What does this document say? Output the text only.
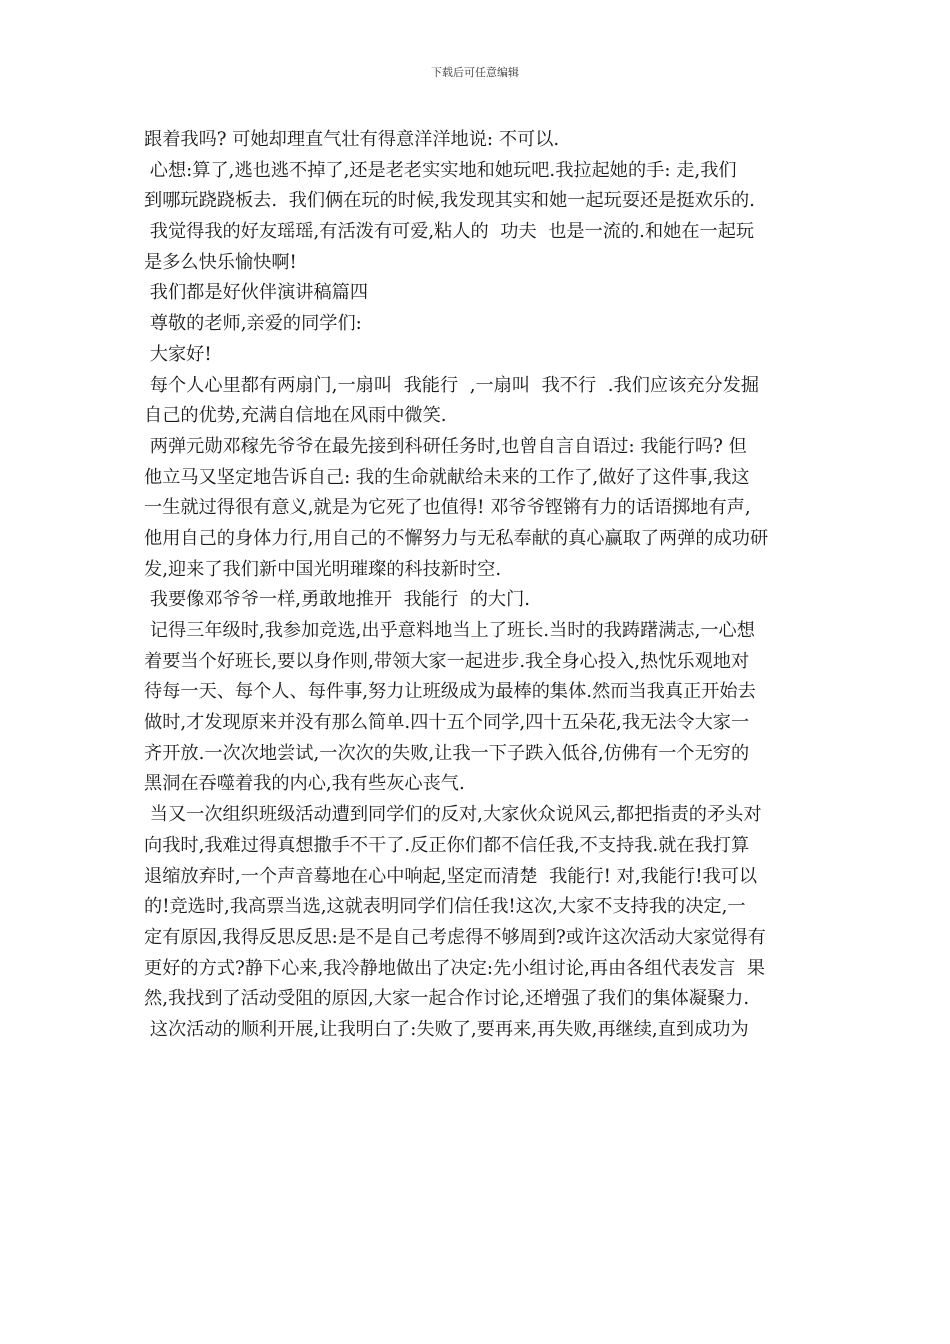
下载后可任意编辑
跟着我吗? 可她却理直气壮有得意洋洋地说: 不可以.
心想:算了,逃也逃不掉了,还是老老实实地和她玩吧.我拉起她的手: 走,我们
到哪玩跷跷板去.  我们俩在玩的时候,我发现其实和她一起玩耍还是挺欢乐的.
我觉得我的好友瑶瑶,有活泼有可爱,粘人的  功夫  也是一流的.和她在一起玩
是多么快乐愉快啊!
我们都是好伙伴演讲稿篇四
尊敬的老师,亲爱的同学们:
大家好!
每个人心里都有两扇门,一扇叫  我能行  ,一扇叫  我不行  .我们应该充分发掘
自己的优势,充满自信地在风雨中微笑.
两弹元勋邓稼先爷爷在最先接到科研任务时,也曾自言自语过: 我能行吗? 但
他立马又坚定地告诉自己: 我的生命就献给未来的工作了,做好了这件事,我这
一生就过得很有意义,就是为它死了也值得! 邓爷爷铿锵有力的话语掷地有声,
他用自己的身体力行,用自己的不懈努力与无私奉献的真心赢取了两弹的成功研
发,迎来了我们新中国光明璀璨的科技新时空.
我要像邓爷爷一样,勇敢地推开  我能行  的大门.
记得三年级时,我参加竞选,出乎意料地当上了班长.当时的我踌躇满志,一心想
着要当个好班长,要以身作则,带领大家一起进步.我全身心投入,热忱乐观地对
待每一天、每个人、每件事,努力让班级成为最棒的集体.然而当我真正开始去
做时,才发现原来并没有那么简单.四十五个同学,四十五朵花,我无法令大家一
齐开放.一次次地尝试,一次次的失败,让我一下子跌入低谷,仿佛有一个无穷的
黑洞在吞噬着我的内心,我有些灰心丧气.
当又一次组织班级活动遭到同学们的反对,大家伙众说风云,都把指责的矛头对
向我时,我难过得真想撒手不干了.反正你们都不信任我,不支持我.就在我打算
退缩放弃时,一个声音蓦地在心中响起,坚定而清楚  我能行! 对,我能行!我可以
的!竞选时,我高票当选,这就表明同学们信任我!这次,大家不支持我的决定,一
定有原因,我得反思反思:是不是自己考虑得不够周到?或许这次活动大家觉得有
更好的方式?静下心来,我冷静地做出了决定:先小组讨论,再由各组代表发言  果
然,我找到了活动受阻的原因,大家一起合作讨论,还增强了我们的集体凝聚力.
这次活动的顺利开展,让我明白了:失败了,要再来,再失败,再继续,直到成功为
